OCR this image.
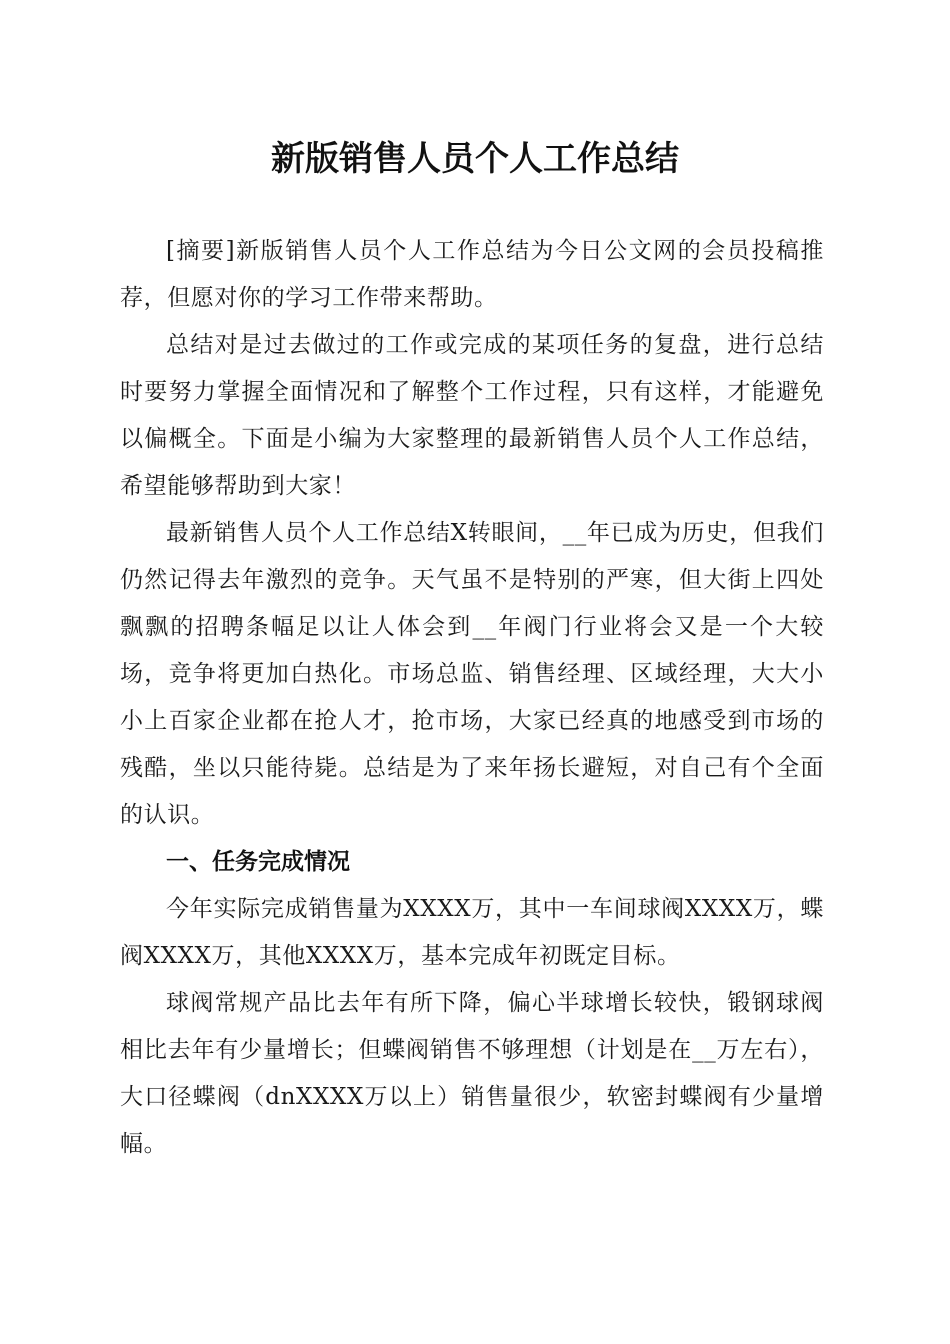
新版销售人员个人工作总结

[摘要]新版销售人员个人工作总结为今日公文网的会员投稿推荐，但愿对你的学习工作带来帮助。

总结对是过去做过的工作或完成的某项任务的复盘，进行总结时要努力掌握全面情况和了解整个工作过程，只有这样，才能避免以偏概全。下面是小编为大家整理的最新销售人员个人工作总结，希望能够帮助到大家！

最新销售人员个人工作总结X转眼间，__年已成为历史，但我们仍然记得去年激烈的竞争。天气虽不是特别的严寒，但大街上四处飘飘的招聘条幅足以让人体会到__年阀门行业将会又是一个大较场，竞争将更加白热化。市场总监、销售经理、区域经理，大大小小上百家企业都在抢人才，抢市场，大家已经真的地感受到市场的残酷，坐以只能待毙。总结是为了来年扬长避短，对自己有个全面的认识。

一、任务完成情况

今年实际完成销售量为XXXX万，其中一车间球阀XXXX万，蝶阀XXXX万，其他XXXX万，基本完成年初既定目标。

球阀常规产品比去年有所下降，偏心半球增长较快，锻钢球阀相比去年有少量增长；但蝶阀销售不够理想（计划是在__万左右），大口径蝶阀（dnXXXX万以上）销售量很少，软密封蝶阀有少量增幅。
